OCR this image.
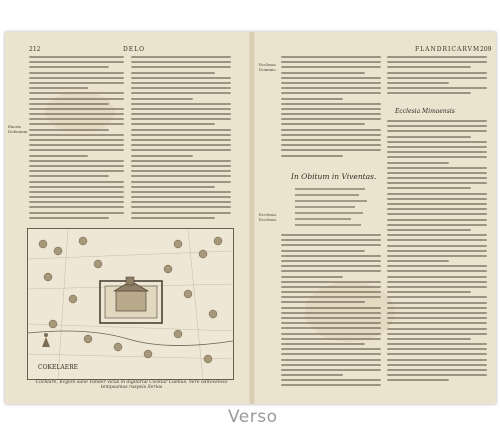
212	DELO
Exoris Delenium
COKELAERE
Cocklare, Ecgion sune Vander vicus in digitarial Cocklar Caelius. Vere oditoveloso tempoamas ruspeis Serios
FLANDRICARVM.
209
Ecclesia Dominic.
Ecclesia. Ecclesia.
In Obitum in Viventas.
Ecclesia Mimaensis
Verso
